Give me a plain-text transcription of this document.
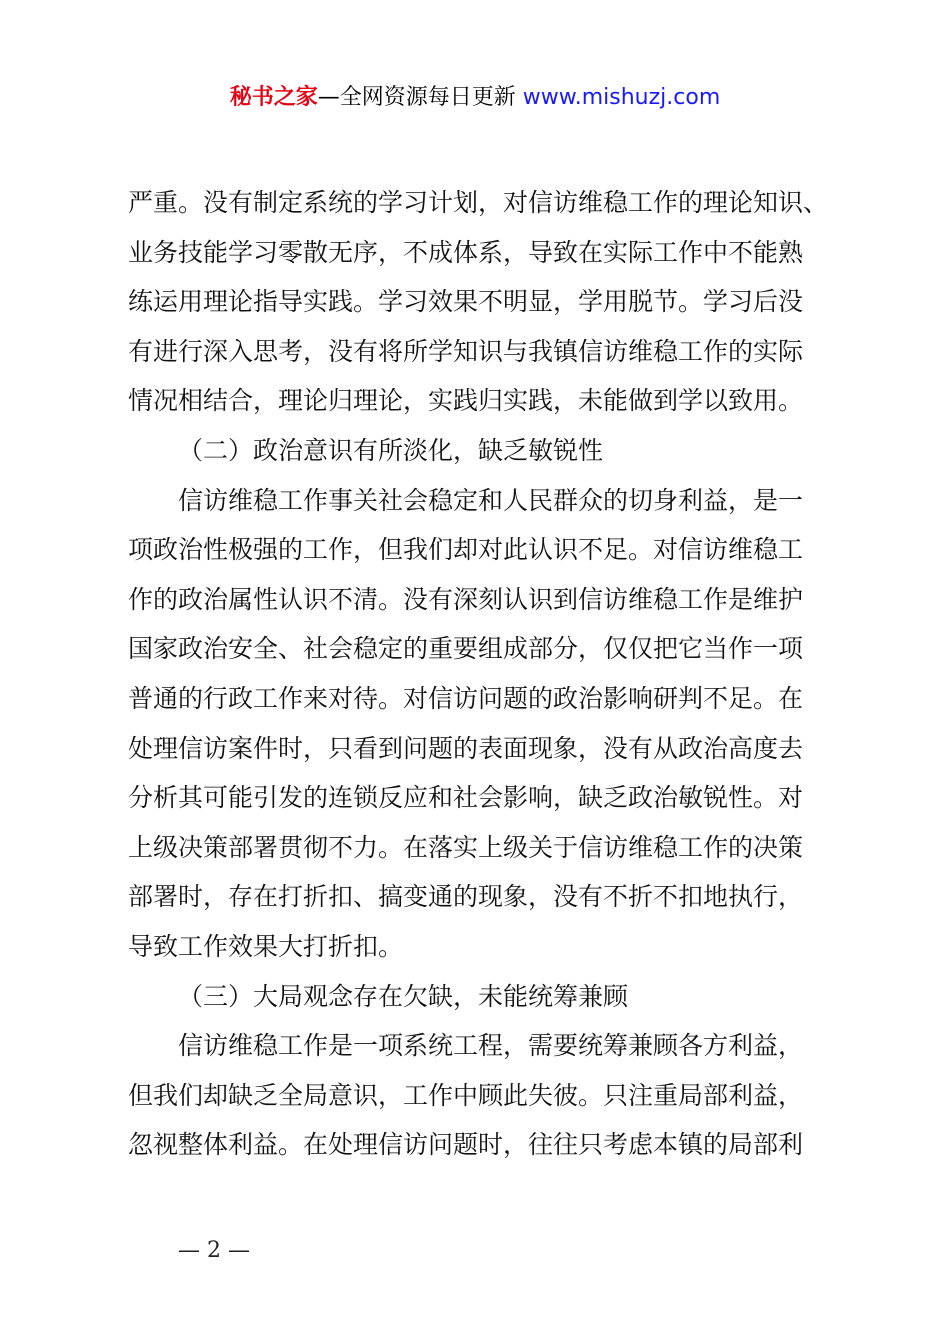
秘书之家—全网资源每日更新 www.mishuzj.com
严重。没有制定系统的学习计划，对信访维稳工作的理论知识、
业务技能学习零散无序，不成体系，导致在实际工作中不能熟
练运用理论指导实践。学习效果不明显，学用脱节。学习后没
有进行深入思考，没有将所学知识与我镇信访维稳工作的实际
情况相结合，理论归理论，实践归实践，未能做到学以致用。
（二）政治意识有所淡化，缺乏敏锐性
信访维稳工作事关社会稳定和人民群众的切身利益，是一
项政治性极强的工作，但我们却对此认识不足。对信访维稳工
作的政治属性认识不清。没有深刻认识到信访维稳工作是维护
国家政治安全、社会稳定的重要组成部分，仅仅把它当作一项
普通的行政工作来对待。对信访问题的政治影响研判不足。在
处理信访案件时，只看到问题的表面现象，没有从政治高度去
分析其可能引发的连锁反应和社会影响，缺乏政治敏锐性。对
上级决策部署贯彻不力。在落实上级关于信访维稳工作的决策
部署时，存在打折扣、搞变通的现象，没有不折不扣地执行，
导致工作效果大打折扣。
（三）大局观念存在欠缺，未能统筹兼顾
信访维稳工作是一项系统工程，需要统筹兼顾各方利益，
但我们却缺乏全局意识，工作中顾此失彼。只注重局部利益，
忽视整体利益。在处理信访问题时，往往只考虑本镇的局部利
— 2 —
